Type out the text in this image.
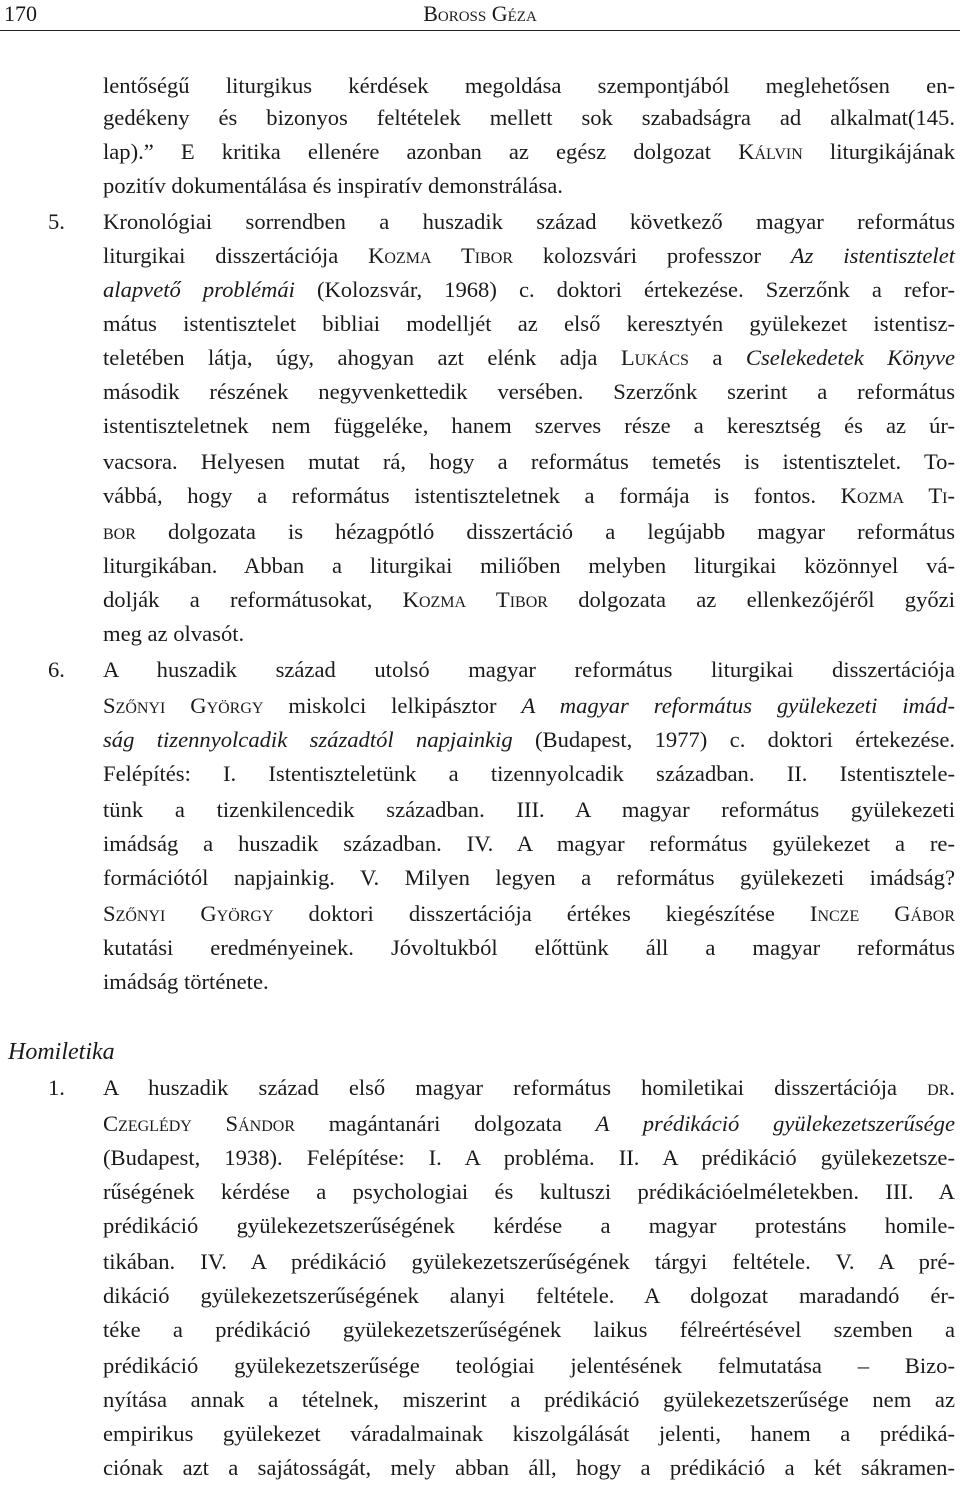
170	Boross Géza
lentőségű liturgikus kérdések megoldása szempontjából meglehetősen en-
gedékeny és bizonyos feltételek mellett sok szabadságra ad alkalmat(145.
lap).” E kritika ellenére azonban az egész dolgozat Kálvin liturgikájának
pozitív dokumentálása és inspiratív demonstrálása.
5. Kronológiai sorrendben a huszadik század következő magyar református
liturgikai disszertációja Kozma Tibor kolozsvári professzor Az istentisztelet
alapvető problémái (Kolozsvár, 1968) c. doktori értekezése. Szerzőnk a refor-
mátus istentisztelet bibliai modelljét az első keresztyén gyülekezet istentisz-
teletében látja, úgy, ahogyan azt elénk adja Lukács a Cselekedetek Könyve
második részének negyvenkettedik versében. Szerzőnk szerint a református
istentiszteletnek nem függeléke, hanem szerves része a keresztség és az úr-
vacsora. Helyesen mutat rá, hogy a református temetés is istentisztelet. To-
vábbá, hogy a református istentiszteletnek a formája is fontos. Kozma Ti-
bor dolgozata is hézagpótló disszertáció a legújabb magyar református
liturgikában. Abban a liturgikai miliőben melyben liturgikai közönnyel vá-
dolják a reformátusokat, Kozma Tibor dolgozata az ellenkezőjéről győzi
meg az olvasót.
6. A huszadik század utolsó magyar református liturgikai disszertációja
Szőnyi György miskolci lelkipásztor A magyar református gyülekezeti imád-
ság tizennyolcadik századtól napjainkig (Budapest, 1977) c. doktori értekezése.
Felépítés: I. Istentiszteletünk a tizennyolcadik században. II. Istentisztele-
tünk a tizenkilencedik században. III. A magyar református gyülekezeti
imádság a huszadik században. IV. A magyar református gyülekezet a re-
formációtól napjainkig. V. Milyen legyen a református gyülekezeti imádság?
Szőnyi György doktori disszertációja értékes kiegészítése Incze Gábor
kutatási eredményeinek. Jóvoltukból előttünk áll a magyar református
imádság története.
Homiletika
1. A huszadik század első magyar református homiletikai disszertációja dr.
Czeglédy Sándor magántanári dolgozata A prédikáció gyülekezetszerűsége
(Budapest, 1938). Felépítése: I. A probléma. II. A prédikáció gyülekezetsze-
rűségének kérdése a psychologiai és kultuszi prédikációelméletekben. III. A
prédikáció gyülekezetszerűségének kérdése a magyar protestáns homile-
tikában. IV. A prédikáció gyülekezetszerűségének tárgyi feltétele. V. A pré-
dikáció gyülekezetszerűségének alanyi feltétele. A dolgozat maradandó ér-
téke a prédikáció gyülekezetszerűségének laikus félreértésével szemben a
prédikáció gyülekezetszerűsége teológiai jelentésének felmutatása – Bizo-
nyítása annak a tételnek, miszerint a prédikáció gyülekezetszerűsége nem az
empirikus gyülekezet váradalmainak kiszolgálását jelenti, hanem a prédiká-
ciónak azt a sajátosságát, mely abban áll, hogy a prédikáció a két sákramen-
